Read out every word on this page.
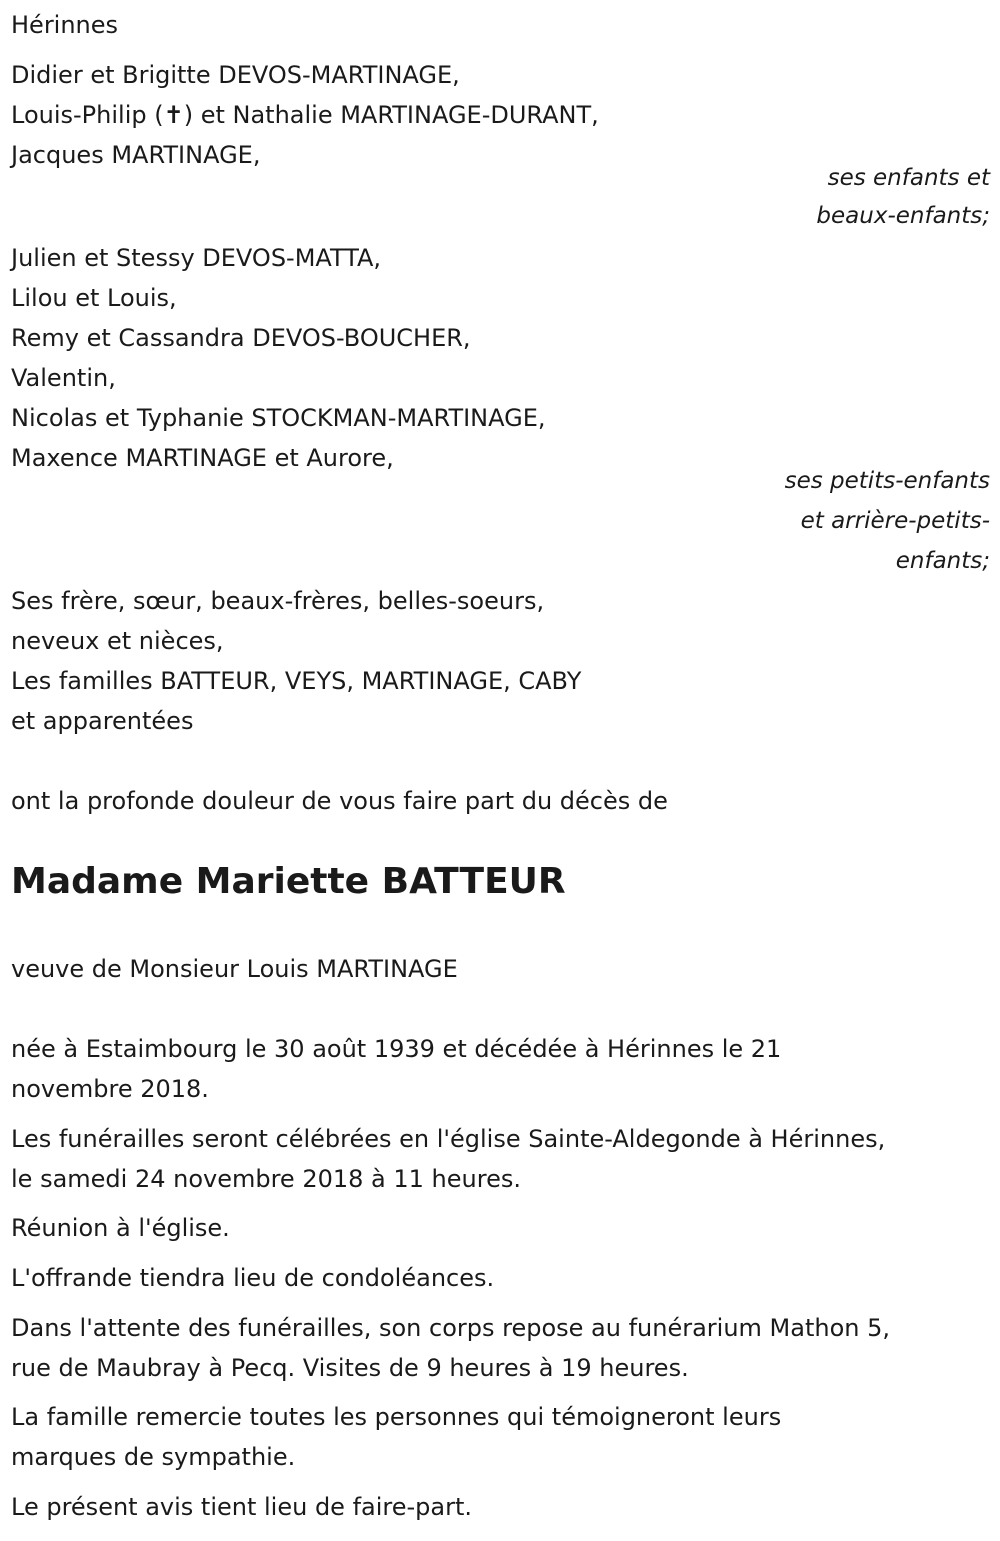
Hérinnes

Didier et Brigitte DEVOS-MARTINAGE,

Louis-Philip (✝) et Nathalie MARTINAGE-DURANT,

Jacques MARTINAGE,

ses enfants et

beaux-enfants;

Julien et Stessy DEVOS-MATTA,

Lilou et Louis,

Remy et Cassandra DEVOS-BOUCHER,

Valentin,

Nicolas et Typhanie STOCKMAN-MARTINAGE,

Maxence MARTINAGE et Aurore,

ses petits-enfants

et arrière-petits-

enfants;

Ses frère, sœur, beaux-frères, belles-soeurs,

neveux et nièces,

Les familles BATTEUR, VEYS, MARTINAGE, CABY

et apparentées

ont la profonde douleur de vous faire part du décès de

Madame Mariette BATTEUR

veuve de Monsieur Louis MARTINAGE

née à Estaimbourg le 30 août 1939 et décédée à Hérinnes le 21

novembre 2018.

Les funérailles seront célébrées en l'église Sainte-Aldegonde à Hérinnes,

le samedi 24 novembre 2018 à 11 heures.

Réunion à l'église.

L'offrande tiendra lieu de condoléances.

Dans l'attente des funérailles, son corps repose au funérarium Mathon 5,

rue de Maubray à Pecq. Visites de 9 heures à 19 heures.

La famille remercie toutes les personnes qui témoigneront leurs

marques de sympathie.

Le présent avis tient lieu de faire-part.
